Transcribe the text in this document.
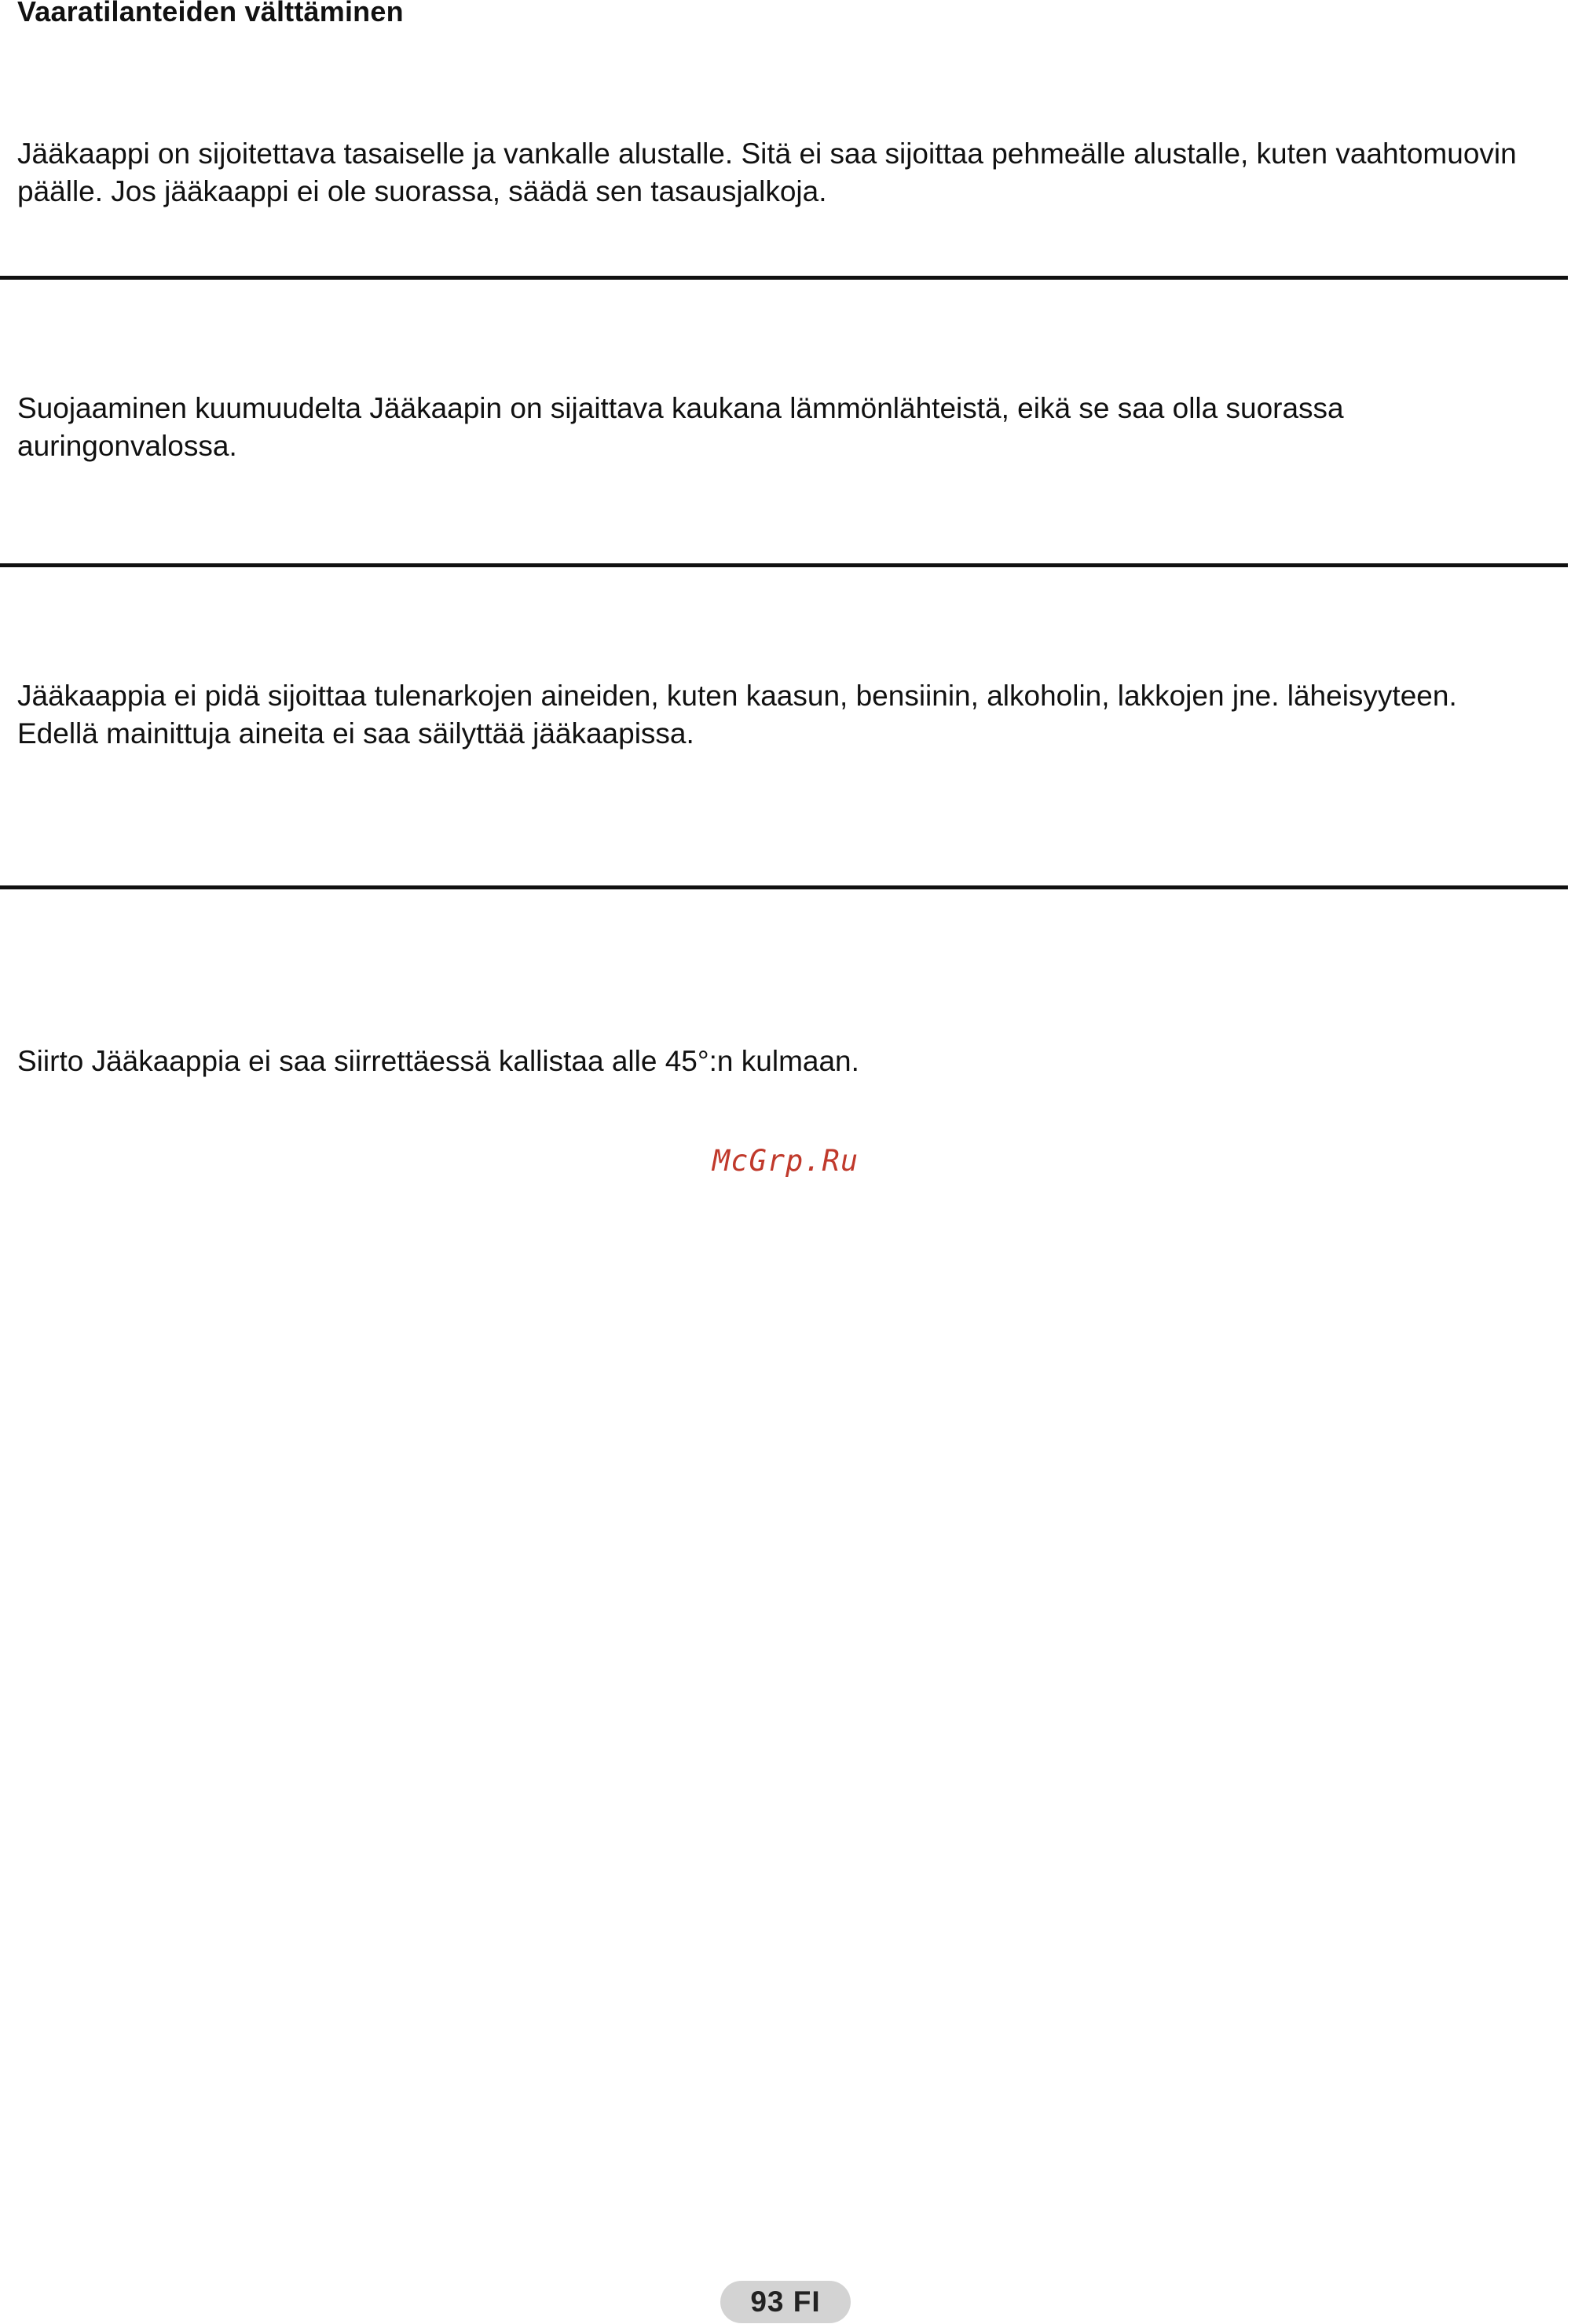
Vaaratilanteiden välttäminen

Jääkaappi on sijoitettava tasaiselle ja vankalle alustalle. Sitä ei saa sijoittaa pehmeälle alustalle, kuten vaahtomuovin päälle. Jos jääkaappi ei ole suorassa, säädä sen tasausjalkoja.

Suojaaminen kuumuudelta Jääkaapin on sijaittava kaukana lämmönlähteistä, eikä se saa olla suorassa auringonvalossa.

Jääkaappia ei pidä sijoittaa tulenarkojen aineiden, kuten kaasun, bensiinin, alkoholin, lakkojen jne. läheisyyteen. Edellä mainittuja aineita ei saa säilyttää jääkaapissa.

Siirto Jääkaappia ei saa siirrettäessä kallistaa alle 45°:n kulmaan.

McGrp.Ru
93 FI
